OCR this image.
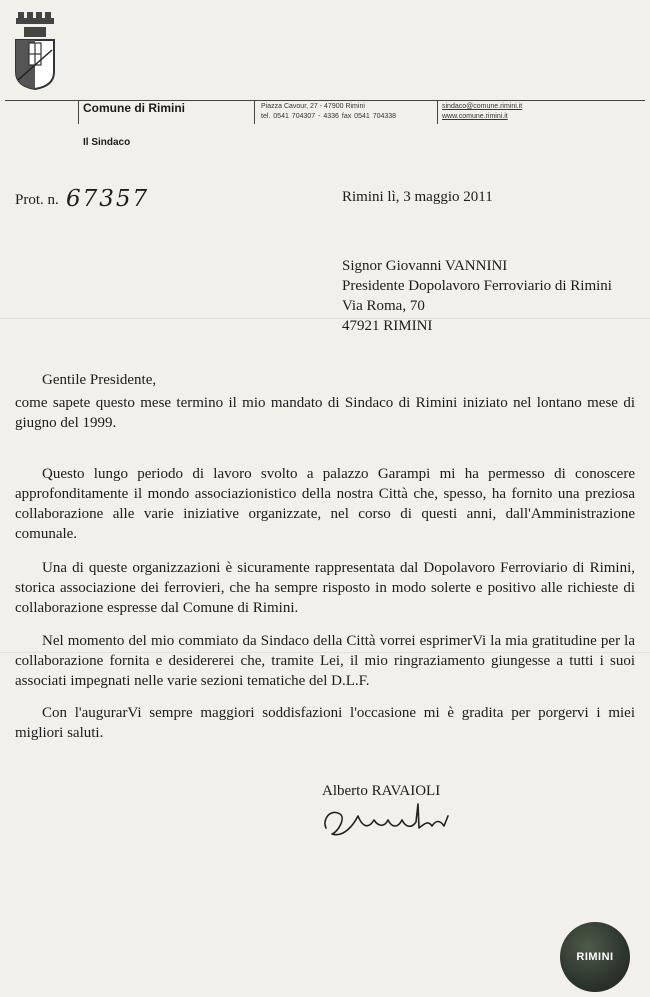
Comune di Rimini
Il Sindaco
Piazza Cavour, 27 - 47900 Rimini
tel. 0541 704307 - 4336 fax 0541 704338
sindaco@comune.rimini.it
www.comune.rimini.it
Prot. n. 67357	Rimini lì, 3 maggio 2011
Signor Giovanni VANNINI
Presidente Dopolavoro Ferroviario di Rimini
Via Roma, 70
47921 RIMINI
Gentile Presidente,

come sapete questo mese termino il mio mandato di Sindaco di Rimini iniziato nel lontano mese di giugno del 1999.

Questo lungo periodo di lavoro svolto a palazzo Garampi mi ha permesso di conoscere approfonditamente il mondo associazionistico della nostra Città che, spesso, ha fornito una preziosa collaborazione alle varie iniziative organizzate, nel corso di questi anni, dall'Amministrazione comunale.

Una di queste organizzazioni è sicuramente rappresentata dal Dopolavoro Ferroviario di Rimini, storica associazione dei ferrovieri, che ha sempre risposto in modo solerte e positivo alle richieste di collaborazione espresse dal Comune di Rimini.

Nel momento del mio commiato da Sindaco della Città vorrei esprimerVi la mia gratitudine per la collaborazione fornita e desidererei che, tramite Lei, il mio ringraziamento giungesse a tutti i suoi associati impegnati nelle varie sezioni tematiche del D.L.F.

Con l'augurarVi sempre maggiori soddisfazioni l'occasione mi è gradita per porgervi i miei migliori saluti.

Alberto RAVAIOLI
RIMINI
